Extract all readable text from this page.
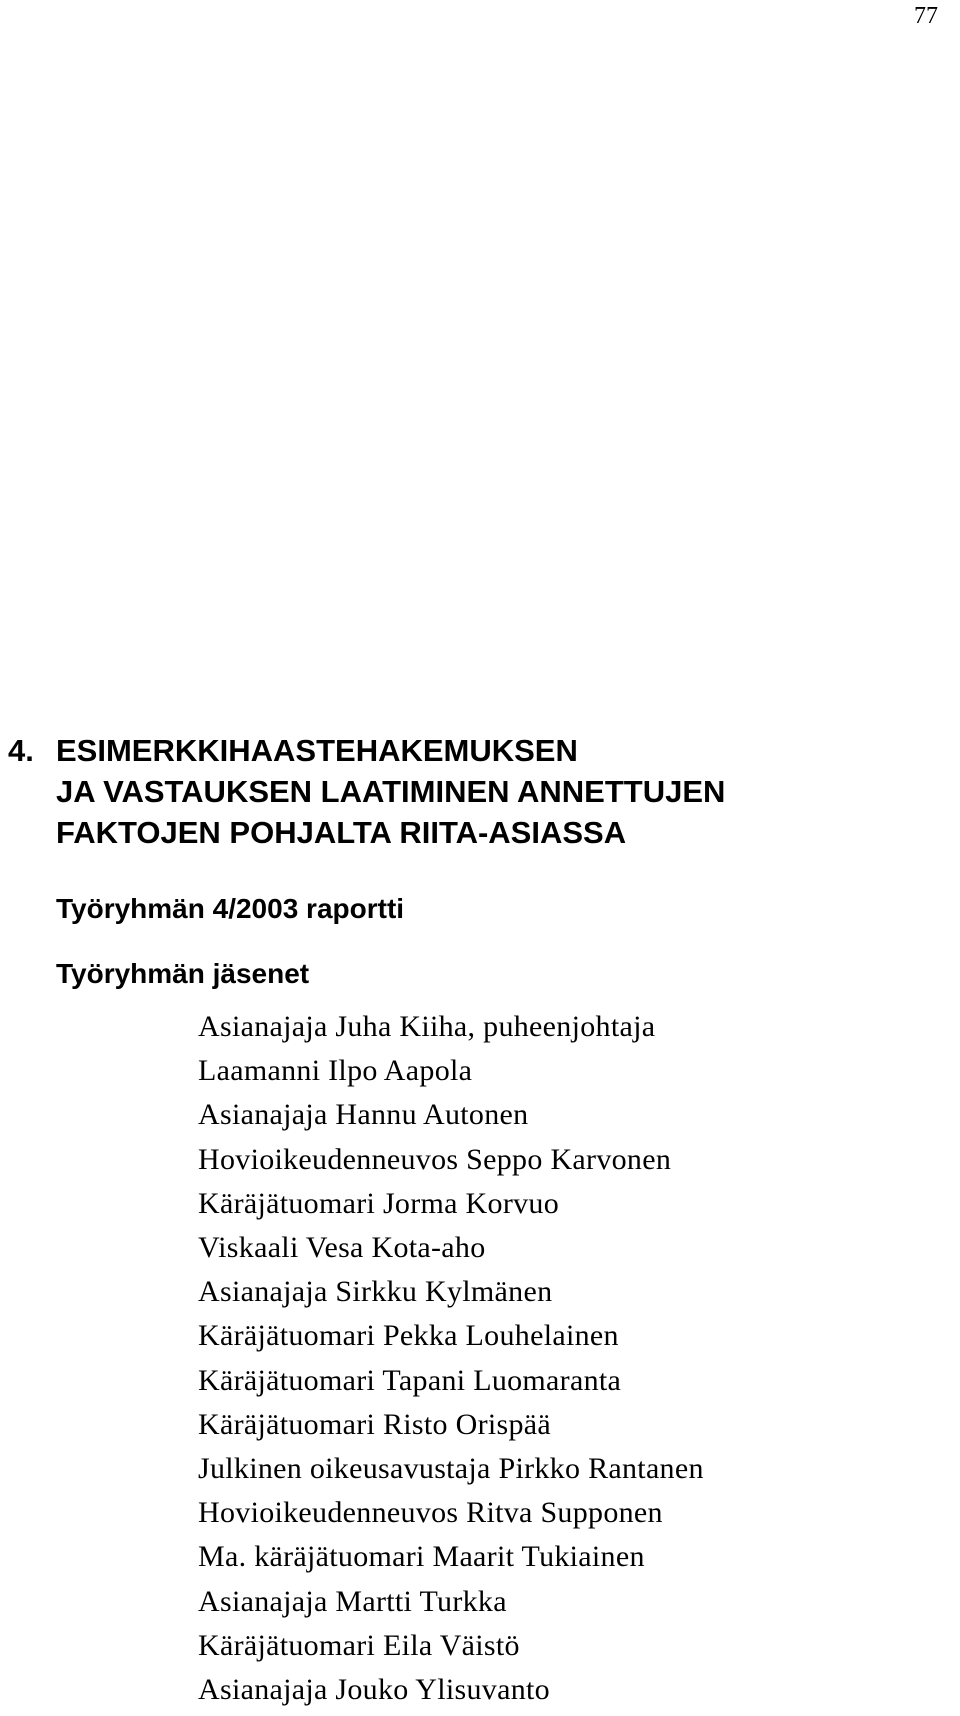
77
4. ESIMERKKIHAASTEHAKEMUKSEN
JA VASTAUKSEN LAATIMINEN ANNETTUJEN
FAKTOJEN POHJALTA RIITA-ASIASSA
Työryhmän 4/2003 raportti
Työryhmän jäsenet
Asianajaja Juha Kiiha, puheenjohtaja
Laamanni Ilpo Aapola
Asianajaja Hannu Autonen
Hovioikeudenneuvos Seppo Karvonen
Käräjätuomari Jorma Korvuo
Viskaali Vesa Kota-aho
Asianajaja Sirkku Kylmänen
Käräjätuomari Pekka Louhelainen
Käräjätuomari Tapani Luomaranta
Käräjätuomari Risto Orispää
Julkinen oikeusavustaja Pirkko Rantanen
Hovioikeudenneuvos Ritva Supponen
Ma. käräjätuomari Maarit Tukiainen
Asianajaja Martti Turkka
Käräjätuomari Eila Väistö
Asianajaja Jouko Ylisuvanto
